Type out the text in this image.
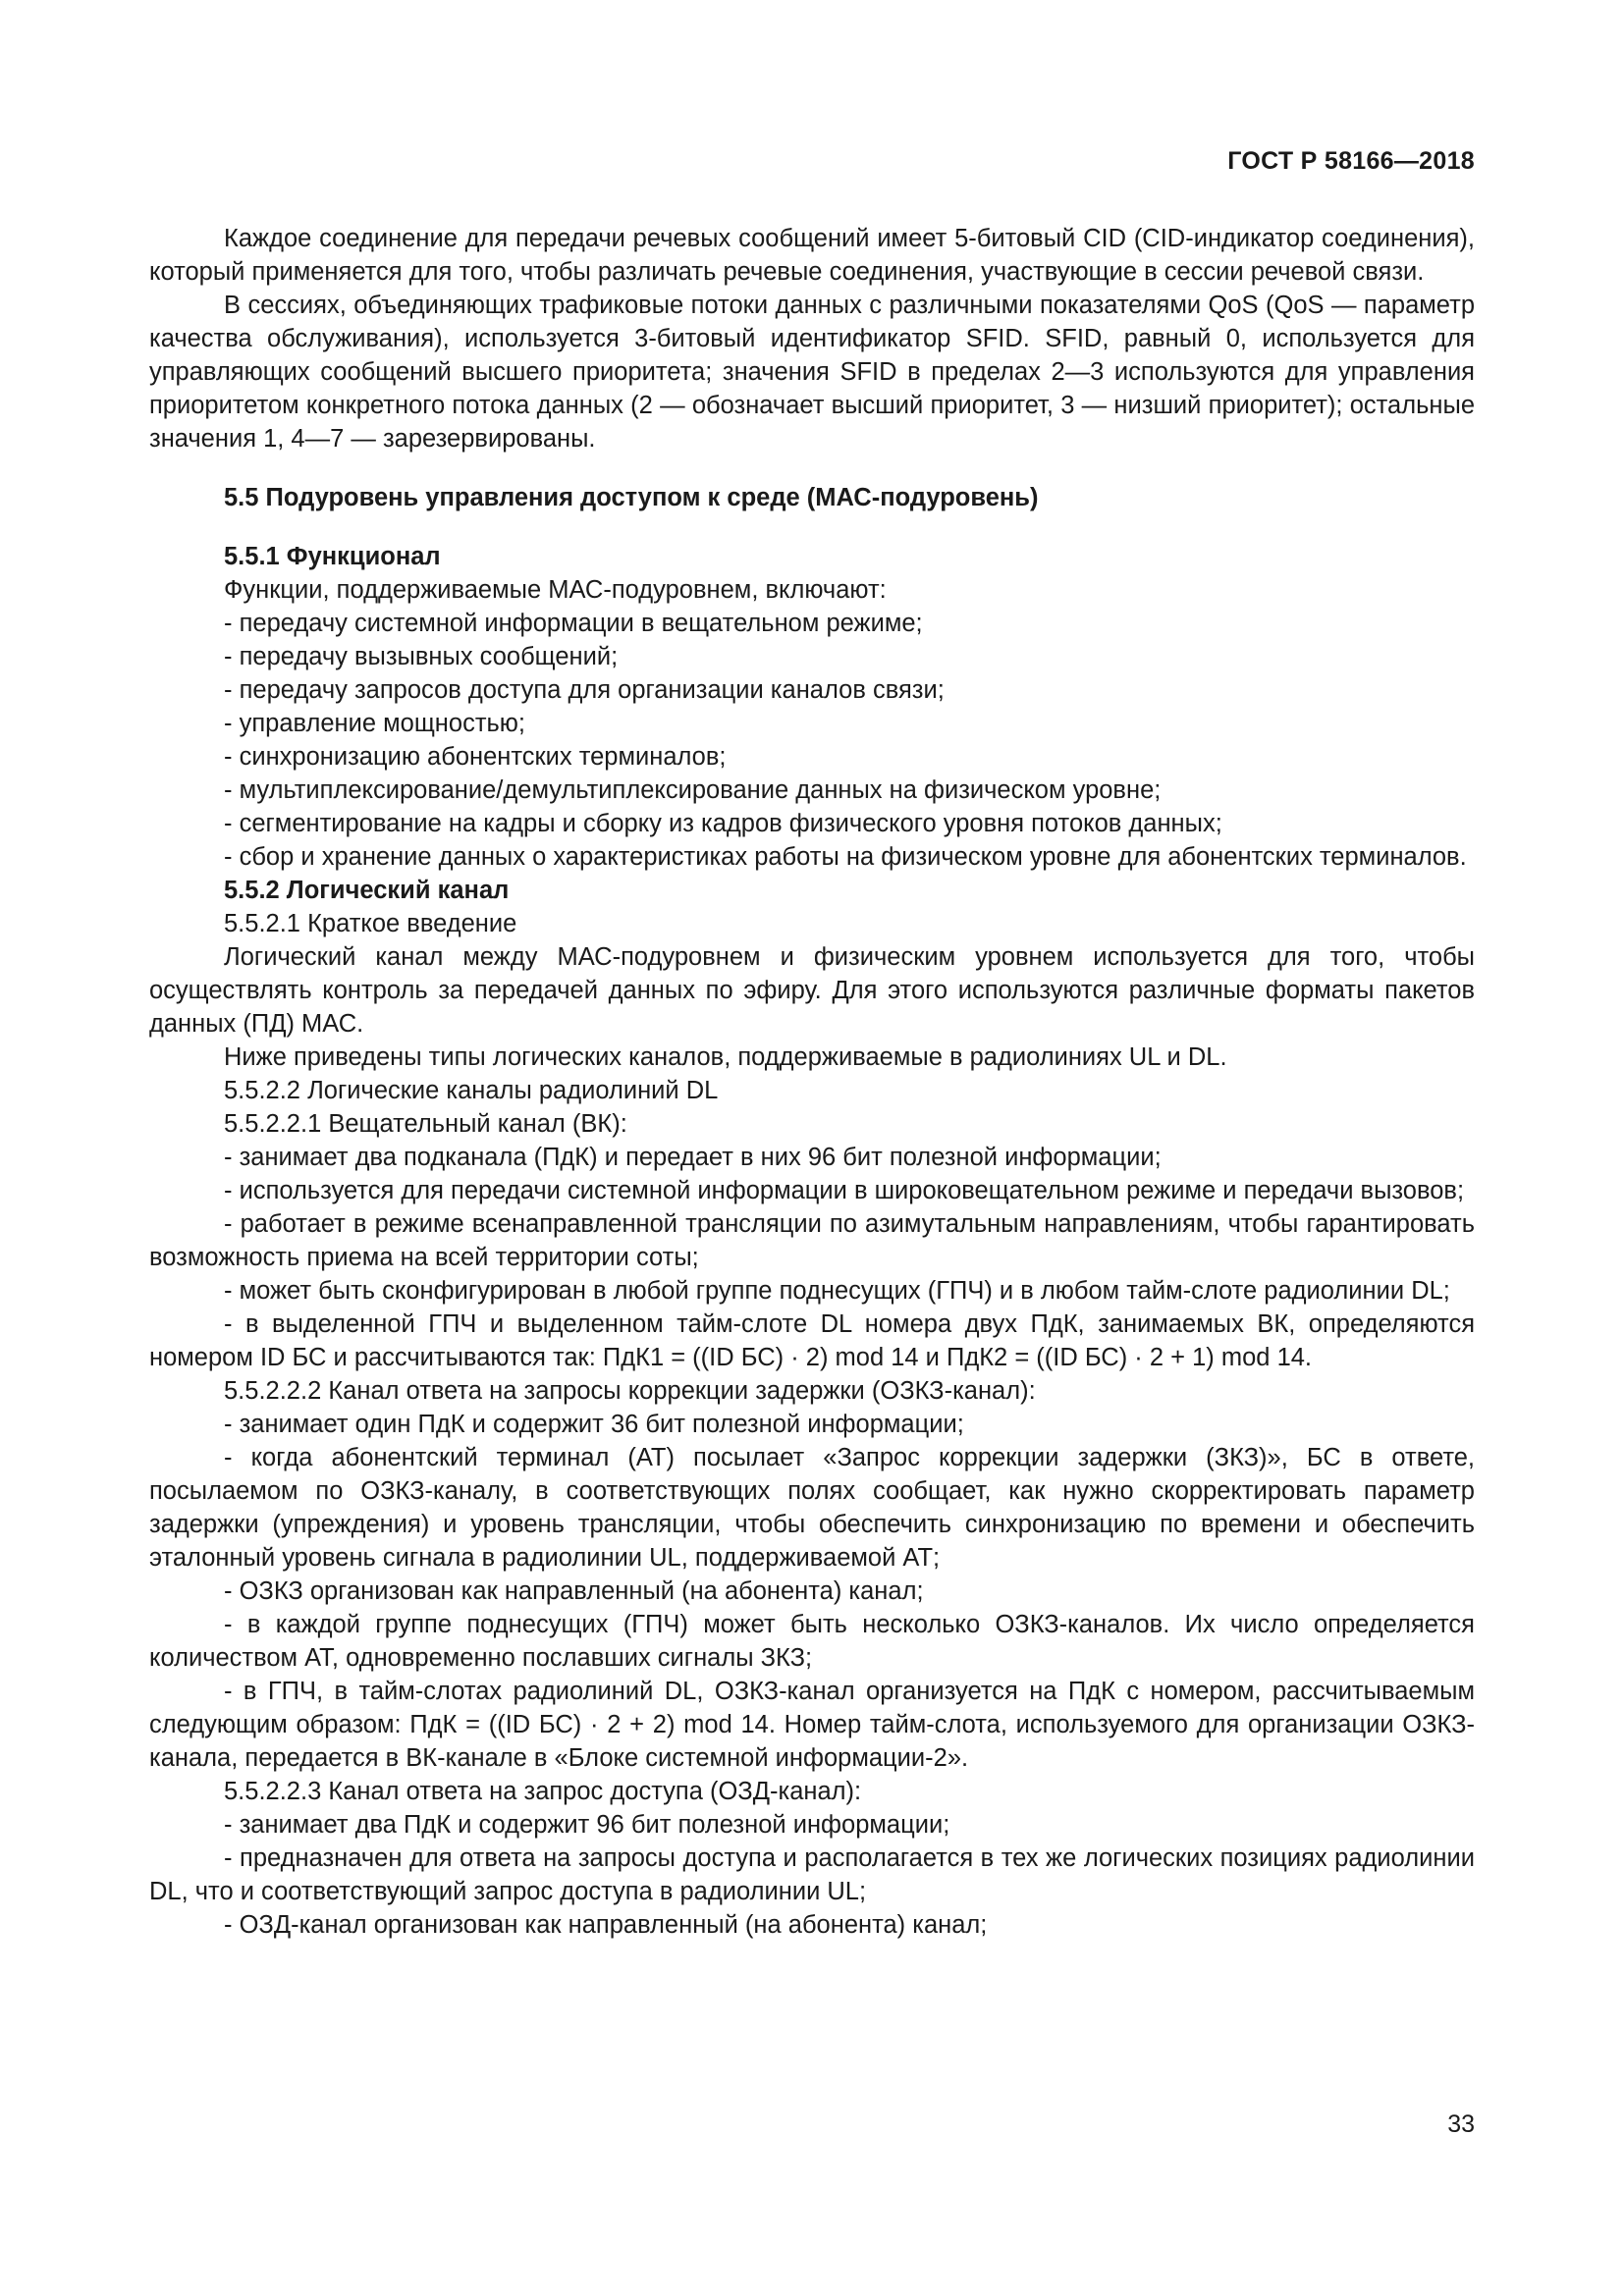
ГОСТ Р 58166—2018

Каждое соединение для передачи речевых сообщений имеет 5-битовый CID (CID-индикатор соединения), который применяется для того, чтобы различать речевые соединения, участвующие в сессии речевой связи.

В сессиях, объединяющих трафиковые потоки данных с различными показателями QoS (QoS — параметр качества обслуживания), используется 3-битовый идентификатор SFID. SFID, равный 0, используется для управляющих сообщений высшего приоритета; значения SFID в пределах 2—3 используются для управления приоритетом конкретного потока данных (2 — обозначает высший приоритет, 3 — низший приоритет); остальные значения 1, 4—7 — зарезервированы.

5.5 Подуровень управления доступом к среде (МАС-подуровень)

5.5.1 Функционал

Функции, поддерживаемые МАС-подуровнем, включают:

- передачу системной информации в вещательном режиме;

- передачу вызывных сообщений;

- передачу запросов доступа для организации каналов связи;

- управление мощностью;

- синхронизацию абонентских терминалов;

- мультиплексирование/демультиплексирование данных на физическом уровне;

- сегментирование на кадры и сборку из кадров физического уровня потоков данных;

- сбор и хранение данных о характеристиках работы на физическом уровне для абонентских терминалов.

5.5.2 Логический канал

5.5.2.1 Краткое введение

Логический канал между МАС-подуровнем и физическим уровнем используется для того, чтобы осуществлять контроль за передачей данных по эфиру. Для этого используются различные форматы пакетов данных (ПД) МАС.

Ниже приведены типы логических каналов, поддерживаемые в радиолиниях UL и DL.

5.5.2.2 Логические каналы радиолиний DL

5.5.2.2.1 Вещательный канал (ВК):

- занимает два подканала (ПдК) и передает в них 96 бит полезной информации;

- используется для передачи системной информации в широковещательном режиме и передачи вызовов;

- работает в режиме всенаправленной трансляции по азимутальным направлениям, чтобы гарантировать возможность приема на всей территории соты;

- может быть сконфигурирован в любой группе поднесущих (ГПЧ) и в любом тайм-слоте радиолинии DL;

- в выделенной ГПЧ и выделенном тайм-слоте DL номера двух ПдК, занимаемых ВК, определяются номером ID БС и рассчитываются так: ПдК1 = ((ID БС) · 2) mod 14 и ПдК2 = ((ID БС) · 2 + 1) mod 14.

5.5.2.2.2 Канал ответа на запросы коррекции задержки (ОЗКЗ-канал):

- занимает один ПдК и содержит 36 бит полезной информации;

- когда абонентский терминал (АТ) посылает «Запрос коррекции задержки (ЗКЗ)», БС в ответе, посылаемом по ОЗКЗ-каналу, в соответствующих полях сообщает, как нужно скорректировать параметр задержки (упреждения) и уровень трансляции, чтобы обеспечить синхронизацию по времени и обеспечить эталонный уровень сигнала в радиолинии UL, поддерживаемой АТ;

- ОЗКЗ организован как направленный (на абонента) канал;

- в каждой группе поднесущих (ГПЧ) может быть несколько ОЗКЗ-каналов. Их число определяется количеством АТ, одновременно пославших сигналы ЗКЗ;

- в ГПЧ, в тайм-слотах радиолиний DL, ОЗКЗ-канал организуется на ПдК с номером, рассчитываемым следующим образом: ПдК = ((ID БС) · 2 + 2) mod 14. Номер тайм-слота, используемого для организации ОЗКЗ-канала, передается в ВК-канале в «Блоке системной информации-2».

5.5.2.2.3 Канал ответа на запрос доступа (ОЗД-канал):

- занимает два ПдК и содержит 96 бит полезной информации;

- предназначен для ответа на запросы доступа и располагается в тех же логических позициях радиолинии DL, что и соответствующий запрос доступа в радиолинии UL;

- ОЗД-канал организован как направленный (на абонента) канал;

33
